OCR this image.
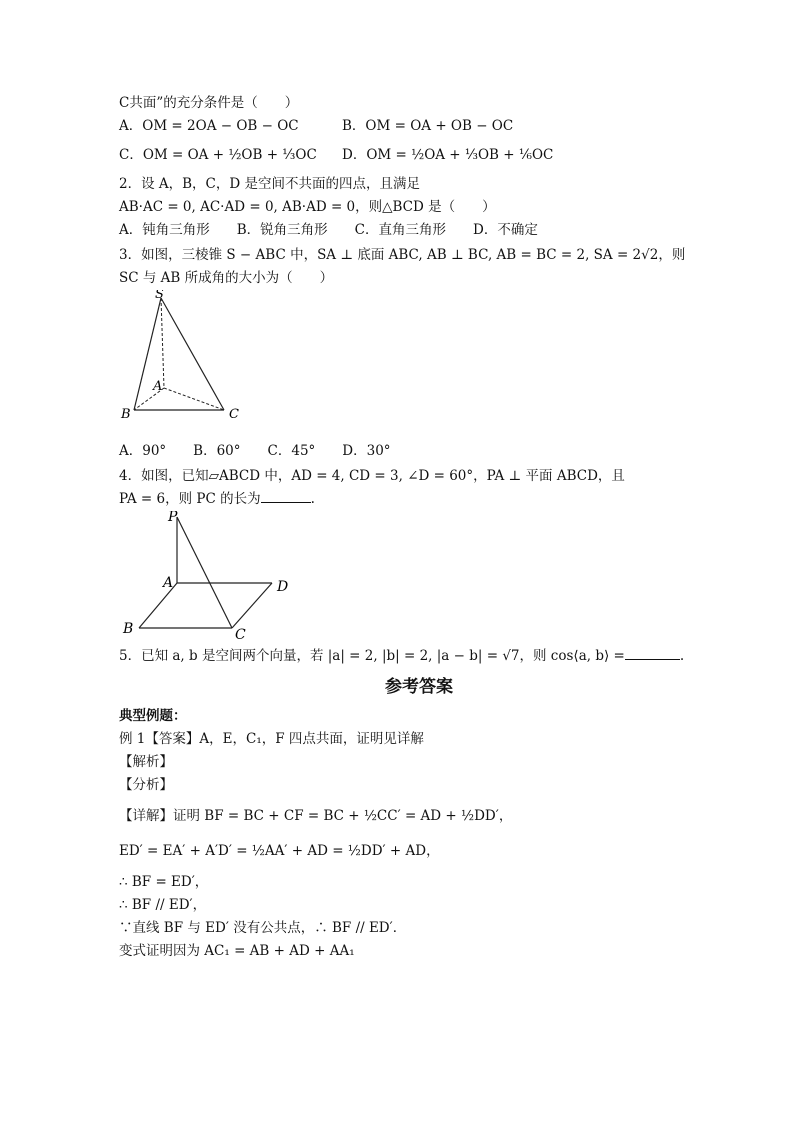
C共面”的充分条件是（　　）
A．OM = 2OA − OB − OC	B．OM = OA + OB − OC
C．OM = OA + ½OB + ⅓OC	D．OM = ½OA + ⅓OB + ⅙OC
2．设 A，B，C，D 是空间不共面的四点，且满足
AB·AC = 0, AC·AD = 0, AB·AD = 0，则△BCD 是（　　）
A．钝角三角形　　B．锐角三角形　　C．直角三角形　　D．不确定
3．如图，三棱锥 S − ABC 中，SA ⊥ 底面 ABC, AB ⊥ BC, AB = BC = 2, SA = 2√2，则
SC 与 AB 所成角的大小为（　　）
S
A
B	C
A．90°　　B．60°　　C．45°　　D．30°
4．如图，已知▱ABCD 中，AD = 4, CD = 3, ∠D = 60°，PA ⊥ 平面 ABCD，且
PA = 6，则 PC 的长为	.
P
A	D
B	C
5．已知 a, b 是空间两个向量，若 |a| = 2, |b| = 2, |a − b| = √7，则 cos⟨a, b⟩ =	.
参考答案
典型例题：
例 1【答案】A，E，C₁，F 四点共面，证明见详解
【解析】
【分析】
【详解】证明 BF = BC + CF = BC + ½CC′ = AD + ½DD′，
ED′ = EA′ + A′D′ = ½AA′ + AD = ½DD′ + AD，
∴ BF = ED′，
∴ BF // ED′，
∵直线 BF 与 ED′ 没有公共点，∴ BF // ED′．
变式证明因为 AC₁ = AB + AD + AA₁
